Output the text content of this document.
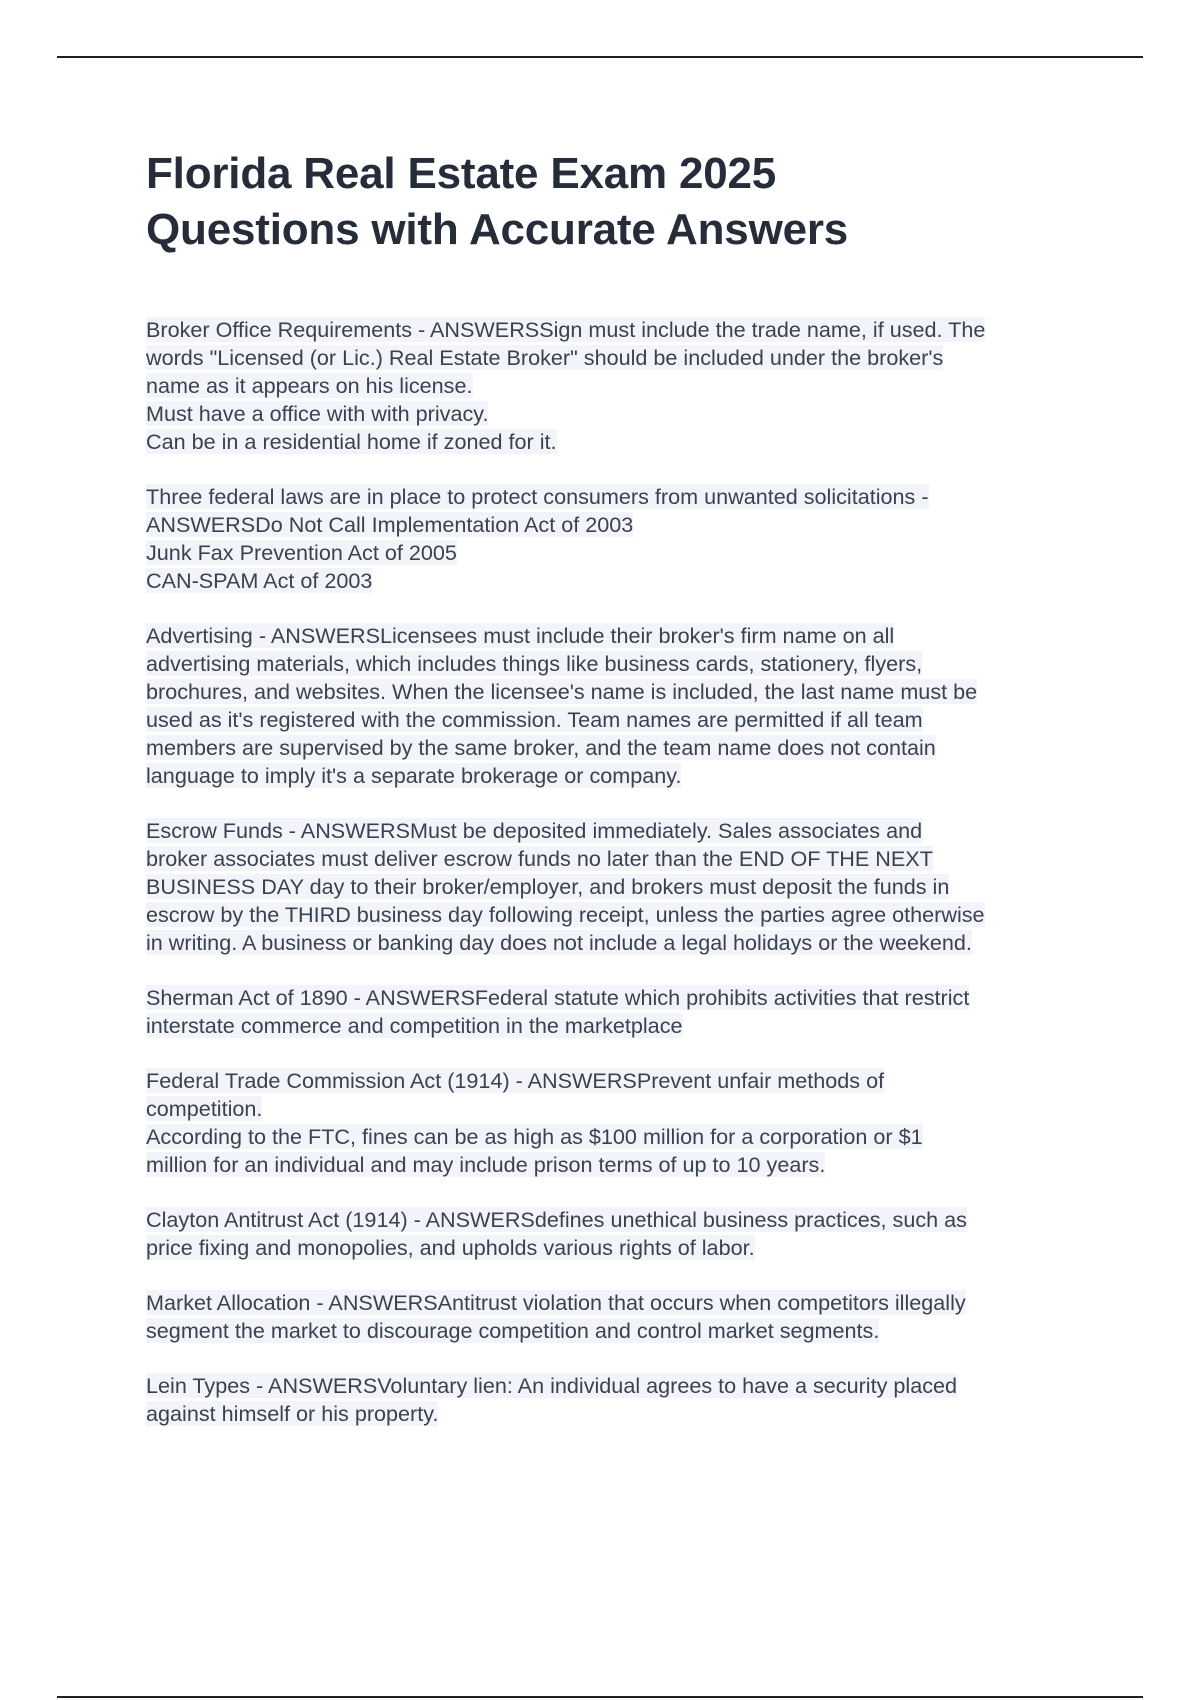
Florida Real Estate Exam 2025
Questions with Accurate Answers

Broker Office Requirements - ANSWERSSign must include the trade name, if used. The

words "Licensed (or Lic.) Real Estate Broker" should be included under the broker's

name as it appears on his license.

Must have a office with with privacy.

Can be in a residential home if zoned for it.

Three federal laws are in place to protect consumers from unwanted solicitations -

ANSWERSDo Not Call Implementation Act of 2003

Junk Fax Prevention Act of 2005

CAN-SPAM Act of 2003

Advertising - ANSWERSLicensees must include their broker's firm name on all

advertising materials, which includes things like business cards, stationery, flyers,

brochures, and websites. When the licensee's name is included, the last name must be

used as it's registered with the commission. Team names are permitted if all team

members are supervised by the same broker, and the team name does not contain

language to imply it's a separate brokerage or company.

Escrow Funds - ANSWERSMust be deposited immediately. Sales associates and

broker associates must deliver escrow funds no later than the END OF THE NEXT

BUSINESS DAY day to their broker/employer, and brokers must deposit the funds in

escrow by the THIRD business day following receipt, unless the parties agree otherwise

in writing. A business or banking day does not include a legal holidays or the weekend.

Sherman Act of 1890 - ANSWERSFederal statute which prohibits activities that restrict

interstate commerce and competition in the marketplace

Federal Trade Commission Act (1914) - ANSWERSPrevent unfair methods of

competition.

According to the FTC, fines can be as high as $100 million for a corporation or $1

million for an individual and may include prison terms of up to 10 years.

Clayton Antitrust Act (1914) - ANSWERSdefines unethical business practices, such as

price fixing and monopolies, and upholds various rights of labor.

Market Allocation - ANSWERSAntitrust violation that occurs when competitors illegally

segment the market to discourage competition and control market segments.

Lein Types - ANSWERSVoluntary lien: An individual agrees to have a security placed

against himself or his property.
